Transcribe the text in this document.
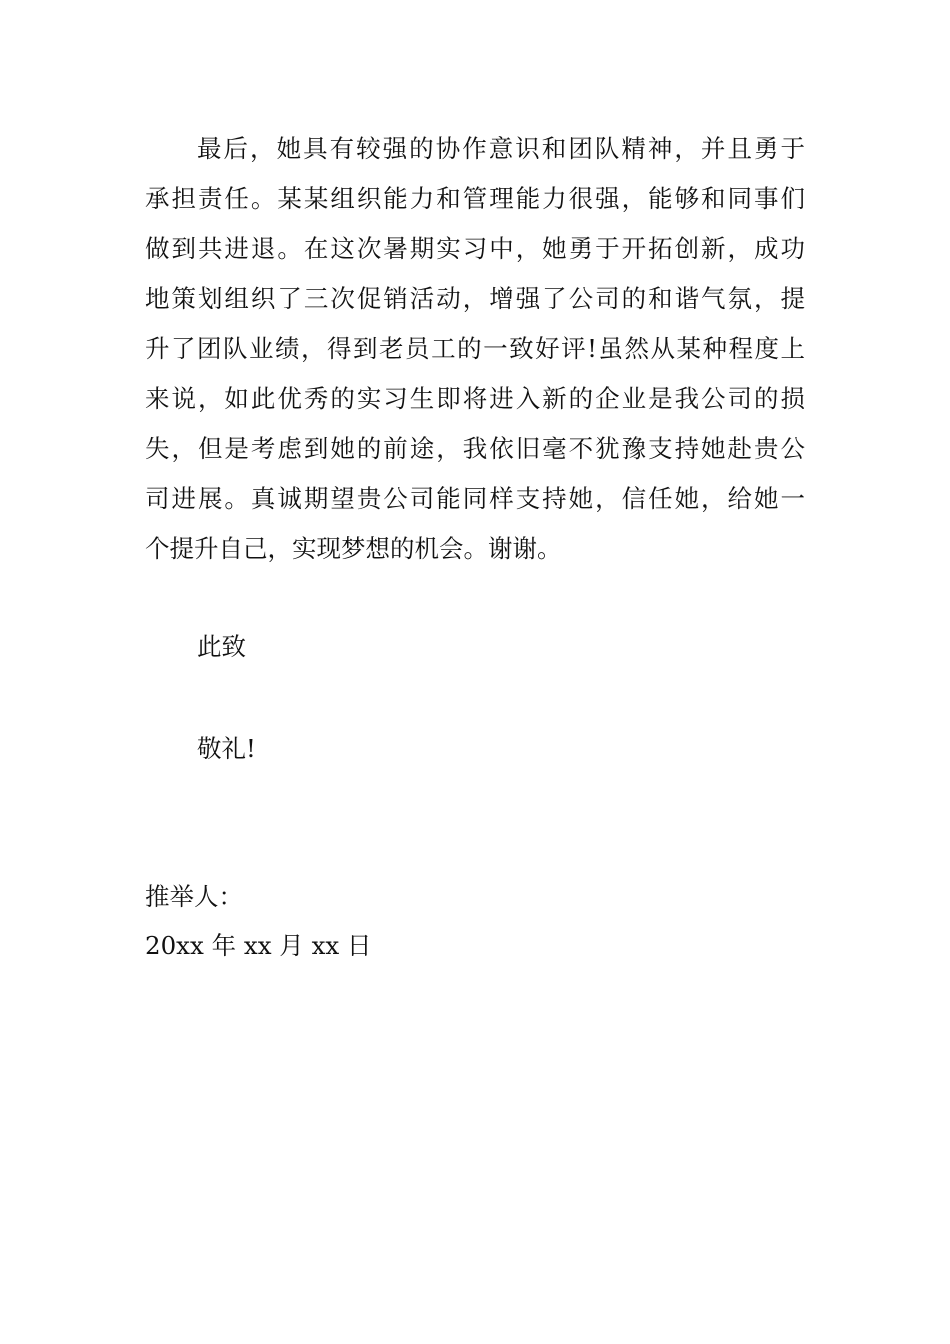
最后，她具有较强的协作意识和团队精神，并且勇于
承担责任。某某组织能力和管理能力很强，能够和同事们
做到共进退。在这次暑期实习中，她勇于开拓创新，成功
地策划组织了三次促销活动，增强了公司的和谐气氛，提
升了团队业绩，得到老员工的一致好评!虽然从某种程度上
来说，如此优秀的实习生即将进入新的企业是我公司的损
失，但是考虑到她的前途，我依旧毫不犹豫支持她赴贵公
司进展。真诚期望贵公司能同样支持她，信任她，给她一
个提升自己，实现梦想的机会。谢谢。
此致
敬礼!
推举人：
20xx 年 xx 月 xx 日
